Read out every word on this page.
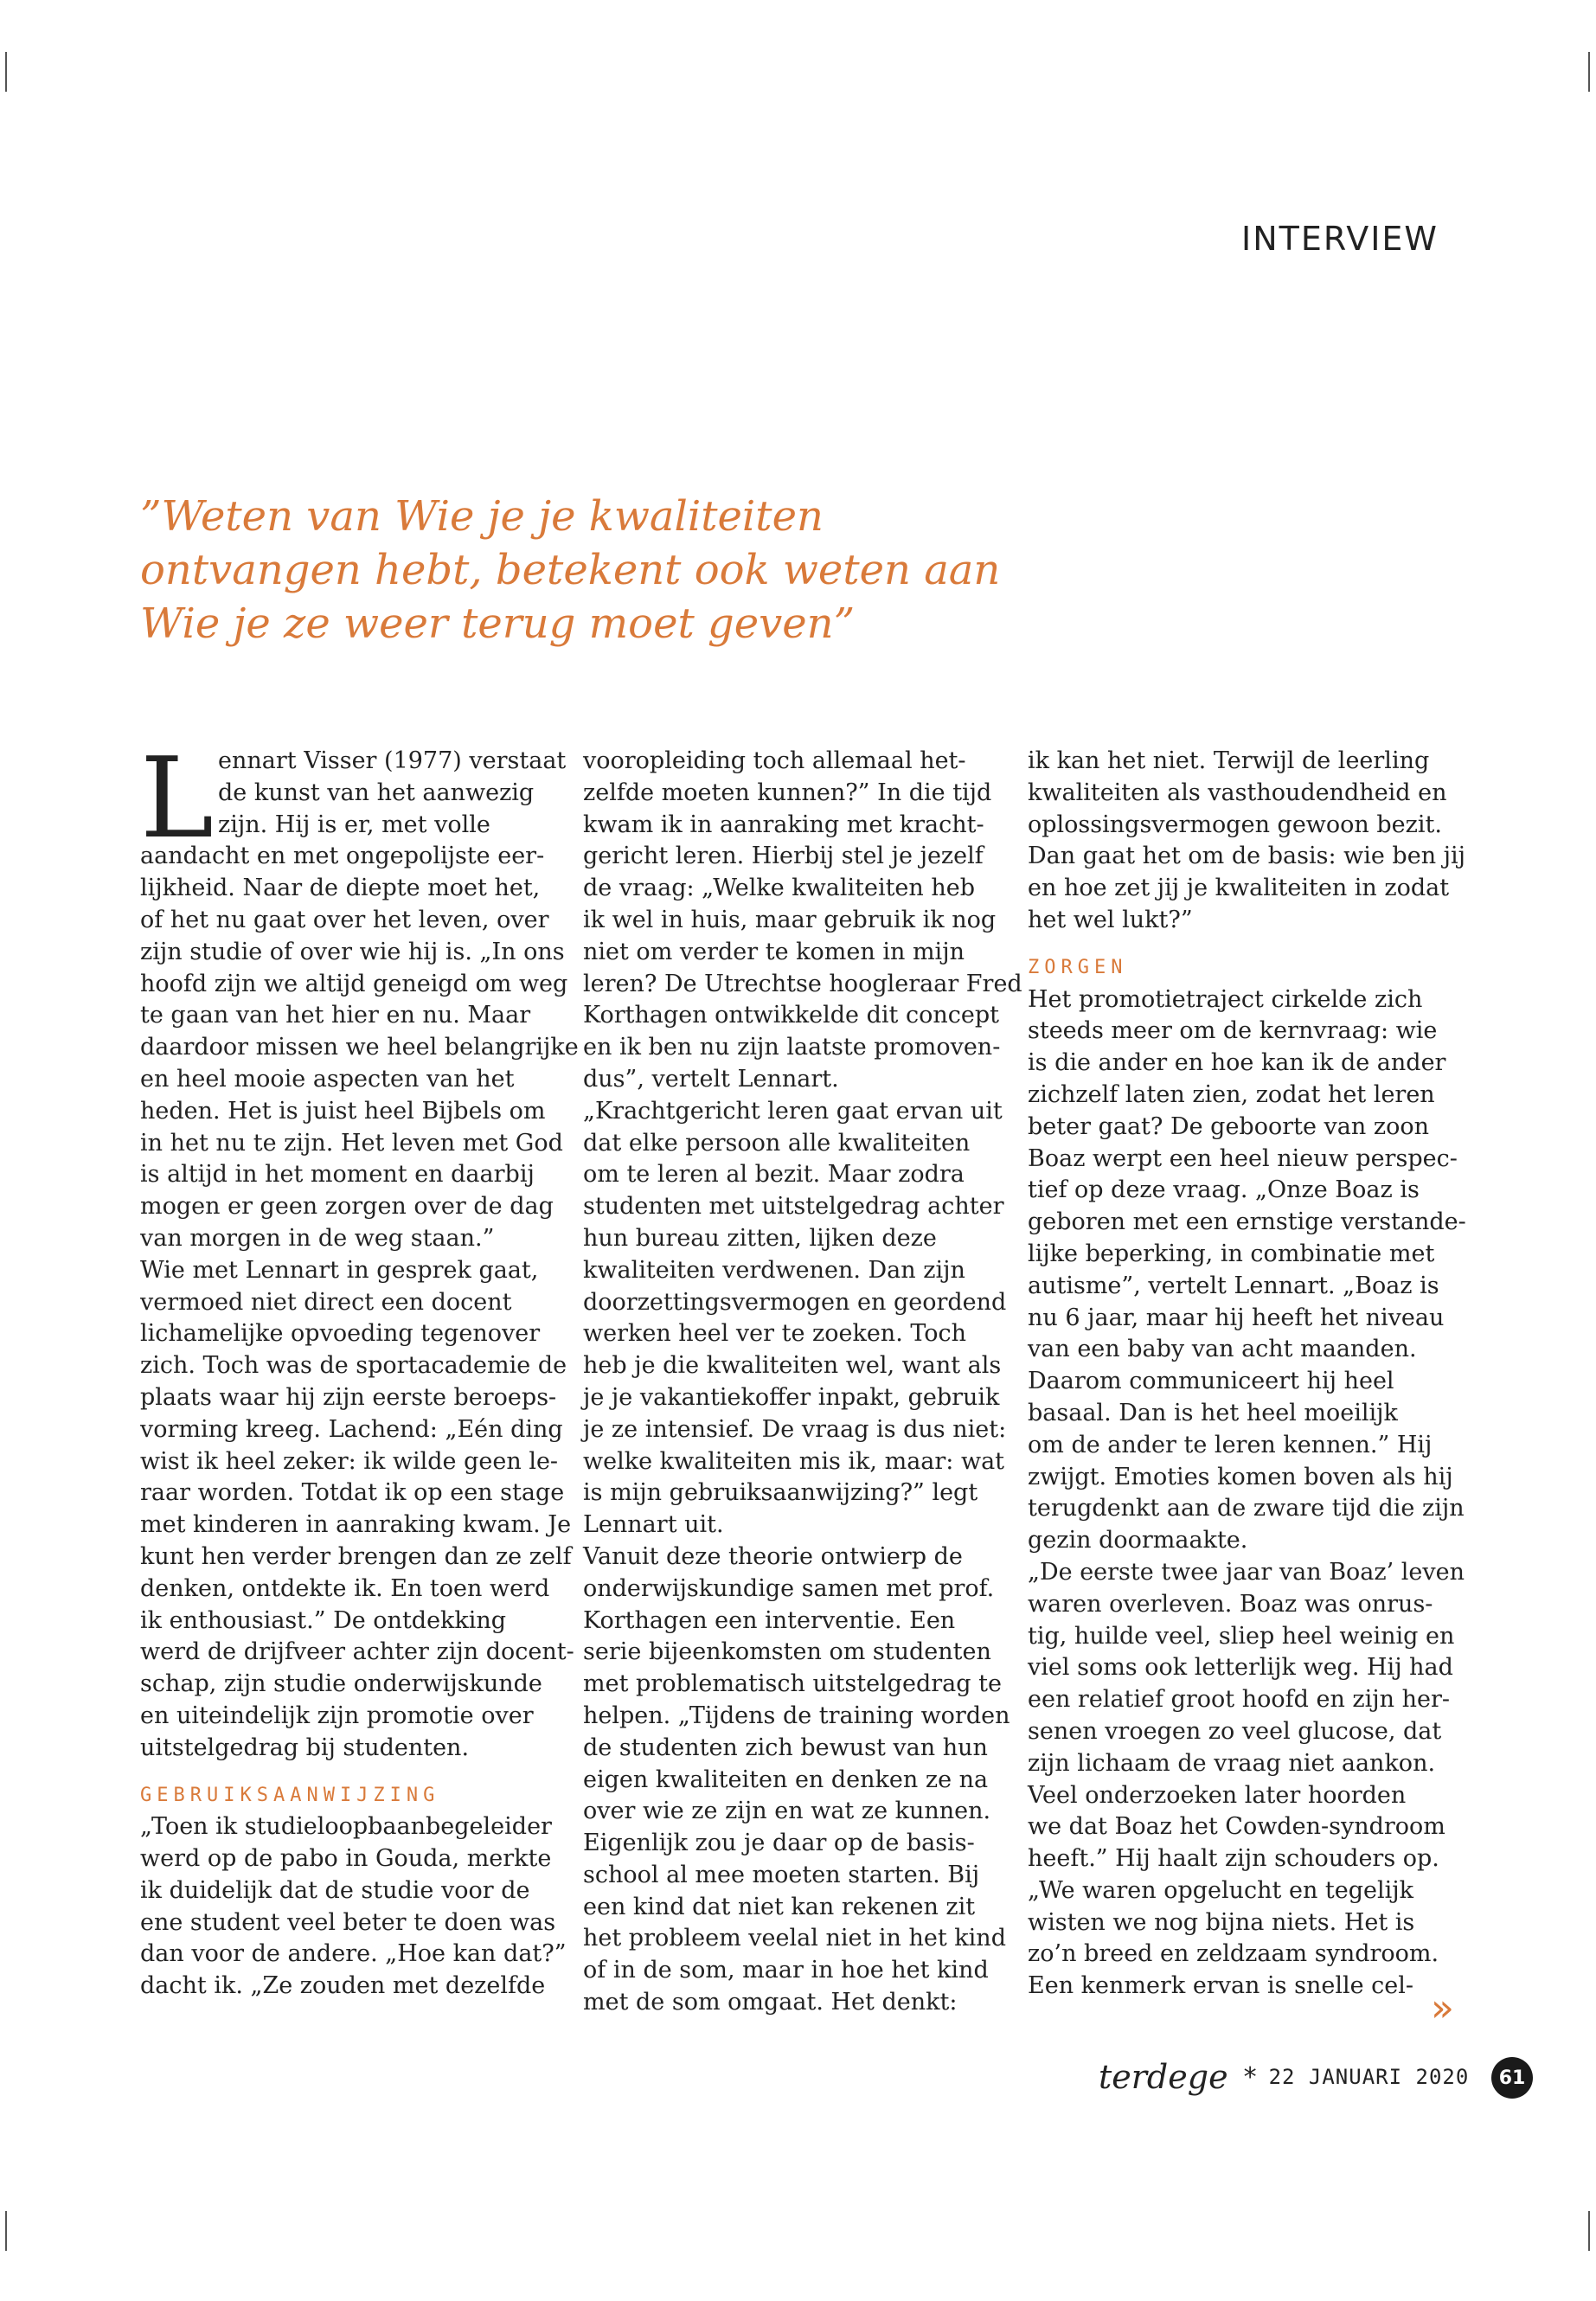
INTERVIEW
”Weten van Wie je je kwaliteiten
ontvangen hebt, betekent ook weten aan
Wie je ze weer terug moet geven”
L ennart Visser (1977) verstaat
de kunst van het aanwezig
zijn. Hij is er, met volle
aandacht en met ongepolijste eer-
lijkheid. Naar de diepte moet het,
of het nu gaat over het leven, over
zijn studie of over wie hij is. „In ons
hoofd zijn we altijd geneigd om weg
te gaan van het hier en nu. Maar
daardoor missen we heel belangrijke
en heel mooie aspecten van het
heden. Het is juist heel Bijbels om
in het nu te zijn. Het leven met God
is altijd in het moment en daarbij
mogen er geen zorgen over de dag
van morgen in de weg staan.”
Wie met Lennart in gesprek gaat,
vermoed niet direct een docent
lichamelijke opvoeding tegenover
zich. Toch was de sportacademie de
plaats waar hij zijn eerste beroeps-
vorming kreeg. Lachend: „Eén ding
wist ik heel zeker: ik wilde geen le-
raar worden. Totdat ik op een stage
met kinderen in aanraking kwam. Je
kunt hen verder brengen dan ze zelf
denken, ontdekte ik. En toen werd
ik enthousiast.” De ontdekking
werd de drijfveer achter zijn docent-
schap, zijn studie onderwijskunde
en uiteindelijk zijn promotie over
uitstelgedrag bij studenten.
GEBRUIKSAANWIJZING
„Toen ik studieloopbaanbegeleider
werd op de pabo in Gouda, merkte
ik duidelijk dat de studie voor de
ene student veel beter te doen was
dan voor de andere. „Hoe kan dat?”
dacht ik. „Ze zouden met dezelfde
vooropleiding toch allemaal het-
zelfde moeten kunnen?” In die tijd
kwam ik in aanraking met kracht-
gericht leren. Hierbij stel je jezelf
de vraag: „Welke kwaliteiten heb
ik wel in huis, maar gebruik ik nog
niet om verder te komen in mijn
leren? De Utrechtse hoogleraar Fred
Korthagen ontwikkelde dit concept
en ik ben nu zijn laatste promoven-
dus”, vertelt Lennart.
„Krachtgericht leren gaat ervan uit
dat elke persoon alle kwaliteiten
om te leren al bezit. Maar zodra
studenten met uitstelgedrag achter
hun bureau zitten, lijken deze
kwaliteiten verdwenen. Dan zijn
doorzettingsvermogen en geordend
werken heel ver te zoeken. Toch
heb je die kwaliteiten wel, want als
je je vakantiekoffer inpakt, gebruik
je ze intensief. De vraag is dus niet:
welke kwaliteiten mis ik, maar: wat
is mijn gebruiksaanwijzing?” legt
Lennart uit.
Vanuit deze theorie ontwierp de
onderwijskundige samen met prof.
Korthagen een interventie. Een
serie bijeenkomsten om studenten
met problematisch uitstelgedrag te
helpen. „Tijdens de training worden
de studenten zich bewust van hun
eigen kwaliteiten en denken ze na
over wie ze zijn en wat ze kunnen.
Eigenlijk zou je daar op de basis-
school al mee moeten starten. Bij
een kind dat niet kan rekenen zit
het probleem veelal niet in het kind
of in de som, maar in hoe het kind
met de som omgaat. Het denkt:
ik kan het niet. Terwijl de leerling
kwaliteiten als vasthoudendheid en
oplossingsvermogen gewoon bezit.
Dan gaat het om de basis: wie ben jij
en hoe zet jij je kwaliteiten in zodat
het wel lukt?”
ZORGEN
Het promotietraject cirkelde zich
steeds meer om de kernvraag: wie
is die ander en hoe kan ik de ander
zichzelf laten zien, zodat het leren
beter gaat? De geboorte van zoon
Boaz werpt een heel nieuw perspec-
tief op deze vraag. „Onze Boaz is
geboren met een ernstige verstande-
lijke beperking, in combinatie met
autisme”, vertelt Lennart. „Boaz is
nu 6 jaar, maar hij heeft het niveau
van een baby van acht maanden.
Daarom communiceert hij heel
basaal. Dan is het heel moeilijk
om de ander te leren kennen.” Hij
zwijgt. Emoties komen boven als hij
terugdenkt aan de zware tijd die zijn
gezin doormaakte.
„De eerste twee jaar van Boaz’ leven
waren overleven. Boaz was onrus-
tig, huilde veel, sliep heel weinig en
viel soms ook letterlijk weg. Hij had
een relatief groot hoofd en zijn her-
senen vroegen zo veel glucose, dat
zijn lichaam de vraag niet aankon.
Veel onderzoeken later hoorden
we dat Boaz het Cowden-syndroom
heeft.” Hij haalt zijn schouders op.
„We waren opgelucht en tegelijk
wisten we nog bijna niets. Het is
zo’n breed en zeldzaam syndroom.
Een kenmerk ervan is snelle cel-
»
terdege * 22 JANUARI 2020	61
